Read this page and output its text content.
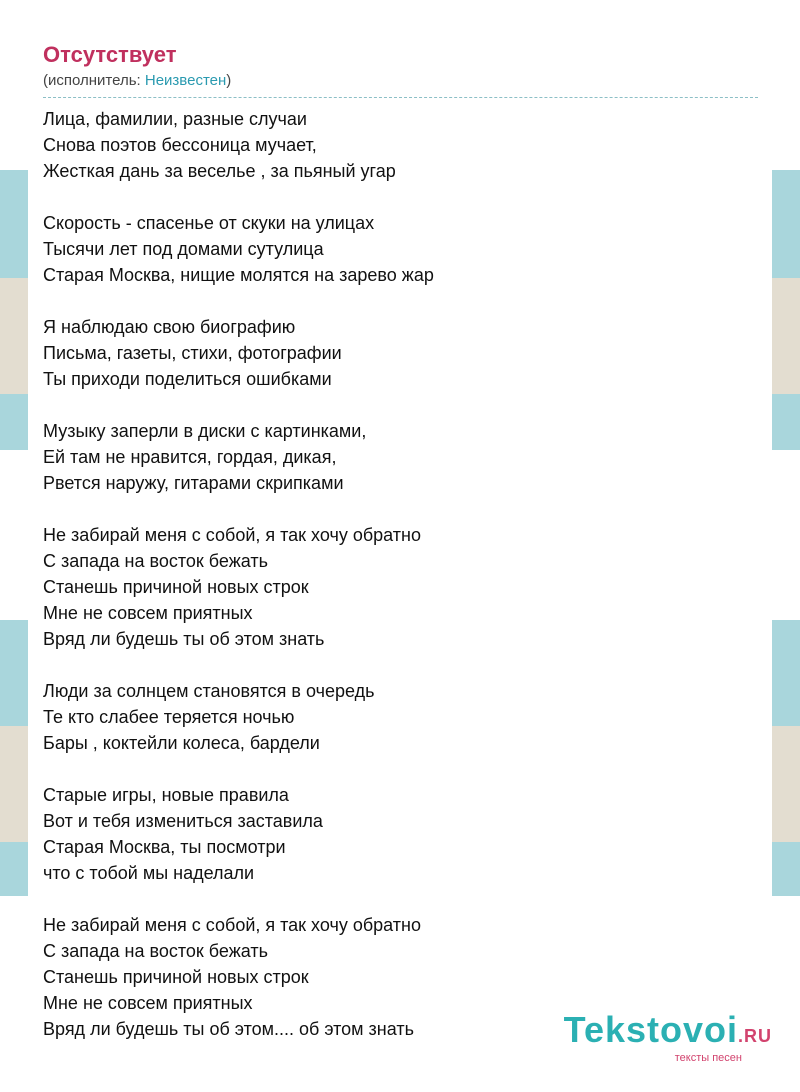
Отсутствует
(исполнитель: Неизвестен)
Лица, фамилии, разные случаи
Снова поэтов бессоница мучает,
Жесткая дань за веселье , за пьяный угар
Скорость - спасенье от скуки на улицах
Тысячи лет под домами сутулица
Старая Москва, нищие молятся на зарево жар
Я наблюдаю свою биографию
Письма, газеты, стихи, фотографии
Ты приходи поделиться ошибками
Музыку заперли в диски с картинками,
Ей там не нравится, гордая, дикая,
Рвется наружу, гитарами скрипками
Не забирай меня с собой, я так хочу обратно
С запада на восток бежать
Станешь причиной новых строк
Мне не совсем приятных
Вряд ли будешь ты об этом знать
Люди за солнцем становятся в очередь
Те кто слабее теряется ночью
Бары , коктейли колеса, бардели
Старые игры, новые правила
Вот и тебя измениться заставила
Старая Москва, ты посмотри
что с тобой мы наделали
Не забирай меня с собой, я так хочу обратно
С запада на восток бежать
Станешь причиной новых строк
Мне не совсем приятных
Вряд ли будешь ты об этом.... об этом знать	Tekstovoi.RU
тексты песен
